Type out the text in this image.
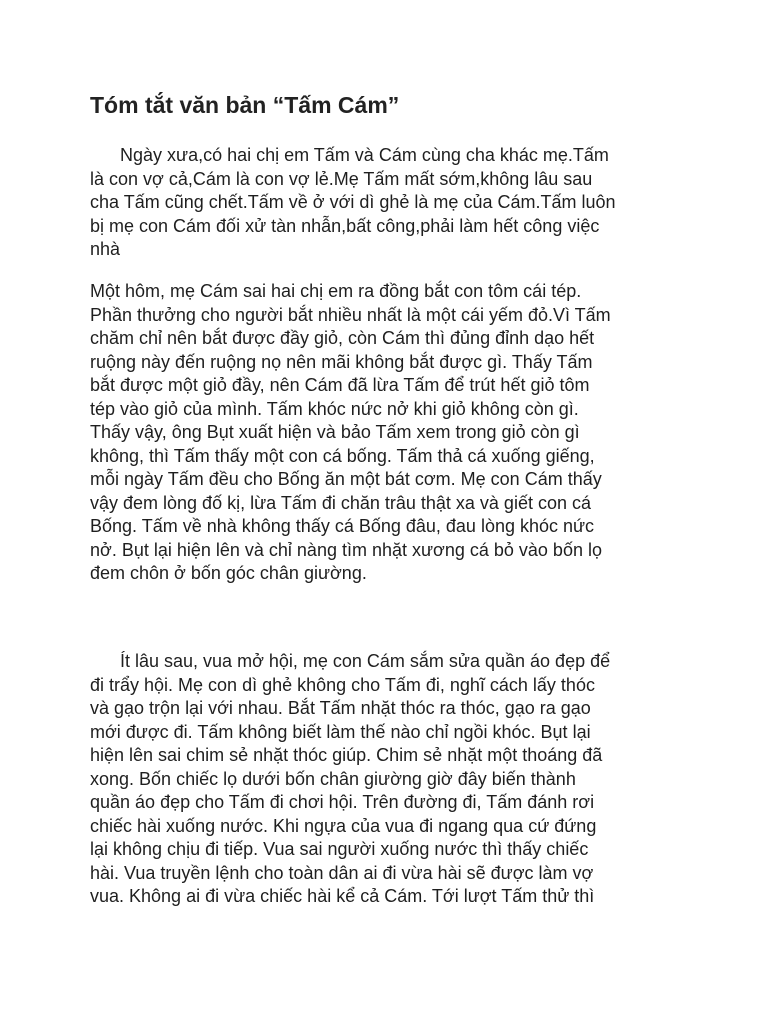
Tóm tắt văn bản “Tấm Cám”

Ngày xưa,có hai chị em Tấm và Cám cùng cha khác mẹ.Tấm
là con vợ cả,Cám là con vợ lẻ.Mẹ Tấm mất sớm,không lâu sau
cha Tấm cũng chết.Tấm về ở với dì ghẻ là mẹ của Cám.Tấm luôn
bị mẹ con Cám đối xử tàn nhẫn,bất công,phải làm hết công việc
nhà

Một hôm, mẹ Cám sai hai chị em ra đồng bắt con tôm cái tép.
Phần thưởng cho người bắt nhiều nhất là một cái yếm đỏ.Vì Tấm
chăm chỉ nên bắt được đầy giỏ, còn Cám thì đủng đỉnh dạo hết
ruộng này đến ruộng nọ nên mãi không bắt được gì. Thấy Tấm
bắt được một giỏ đầy, nên Cám đã lừa Tấm để trút hết giỏ tôm
tép vào giỏ của mình. Tấm khóc nức nở khi giỏ không còn gì.
Thấy vậy, ông Bụt xuất hiện và bảo Tấm xem trong giỏ còn gì
không, thì Tấm thấy một con cá bống. Tấm thả cá xuống giếng,
mỗi ngày Tấm đều cho Bống ăn một bát cơm. Mẹ con Cám thấy
vậy đem lòng đố kị, lừa Tấm đi chăn trâu thật xa và giết con cá
Bống. Tấm về nhà không thấy cá Bống đâu, đau lòng khóc nức
nở. Bụt lại hiện lên và chỉ nàng tìm nhặt xương cá bỏ vào bốn lọ
đem chôn ở bốn góc chân giường.

Ít lâu sau, vua mở hội, mẹ con Cám sắm sửa quần áo đẹp để
đi trẩy hội. Mẹ con dì ghẻ không cho Tấm đi, nghĩ cách lấy thóc
và gạo trộn lại với nhau. Bắt Tấm nhặt thóc ra thóc, gạo ra gạo
mới được đi. Tấm không biết làm thế nào chỉ ngồi khóc. Bụt lại
hiện lên sai chim sẻ nhặt thóc giúp. Chim sẻ nhặt một thoáng đã
xong. Bốn chiếc lọ dưới bốn chân giường giờ đây biến thành
quần áo đẹp cho Tấm đi chơi hội. Trên đường đi, Tấm đánh rơi
chiếc hài xuống nước. Khi ngựa của vua đi ngang qua cứ đứng
lại không chịu đi tiếp. Vua sai người xuống nước thì thấy chiếc
hài. Vua truyền lệnh cho toàn dân ai đi vừa hài sẽ được làm vợ
vua. Không ai đi vừa chiếc hài kể cả Cám. Tới lượt Tấm thử thì
